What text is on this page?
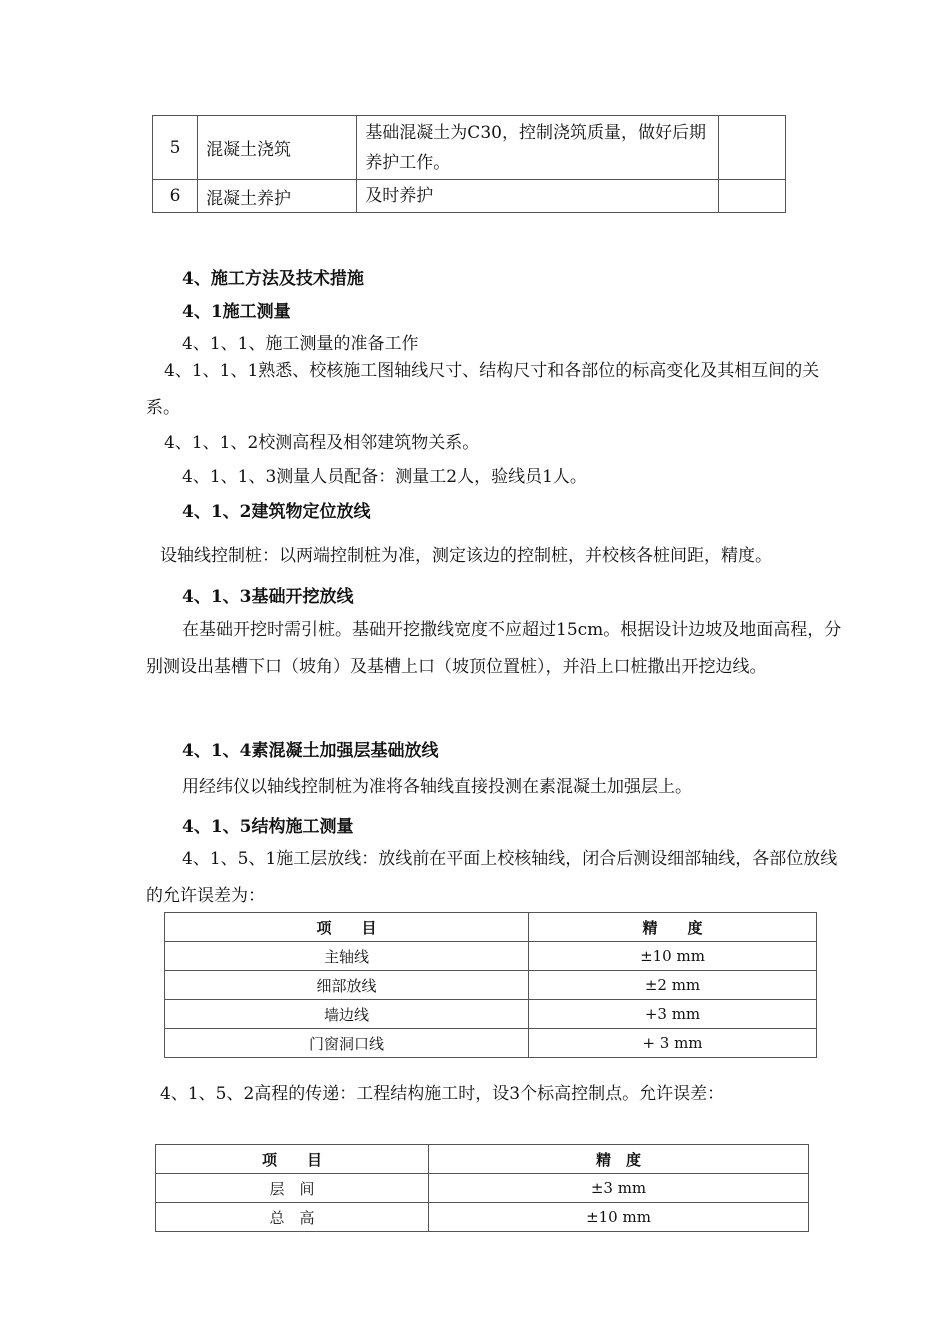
5	混凝土浇筑	基础混凝土为C30，控制浇筑质量，做好后期养护工作。	
6	混凝土养护	及时养护	
4、施工方法及技术措施
4、1施工测量
4、1、1、施工测量的准备工作
4、1、1、1熟悉、校核施工图轴线尺寸、结构尺寸和各部位的标高变化及其相互间的关系。
4、1、1、2校测高程及相邻建筑物关系。
4、1、1、3测量人员配备：测量工2人，验线员1人。
4、1、2建筑物定位放线
设轴线控制桩：以两端控制桩为准，测定该边的控制桩，并校核各桩间距，精度。
4、1、3基础开挖放线
在基础开挖时需引桩。基础开挖撒线宽度不应超过15cm。根据设计边坡及地面高程，分别测设出基槽下口（坡角）及基槽上口（坡顶位置桩），并沿上口桩撒出开挖边线。
4、1、4素混凝土加强层基础放线
用经纬仪以轴线控制桩为准将各轴线直接投测在素混凝土加强层上。
4、1、5结构施工测量
4、1、5、1施工层放线：放线前在平面上校核轴线，闭合后测设细部轴线，各部位放线的允许误差为：
项　　目	精　　度
主轴线	±10 mm
细部放线	±2 mm
墙边线	+3 mm
门窗洞口线	+ 3 mm
4、1、5、2高程的传递：工程结构施工时，设3个标高控制点。允许误差：
项　　目	精　度
层　间	±3 mm
总　高	±10 mm
